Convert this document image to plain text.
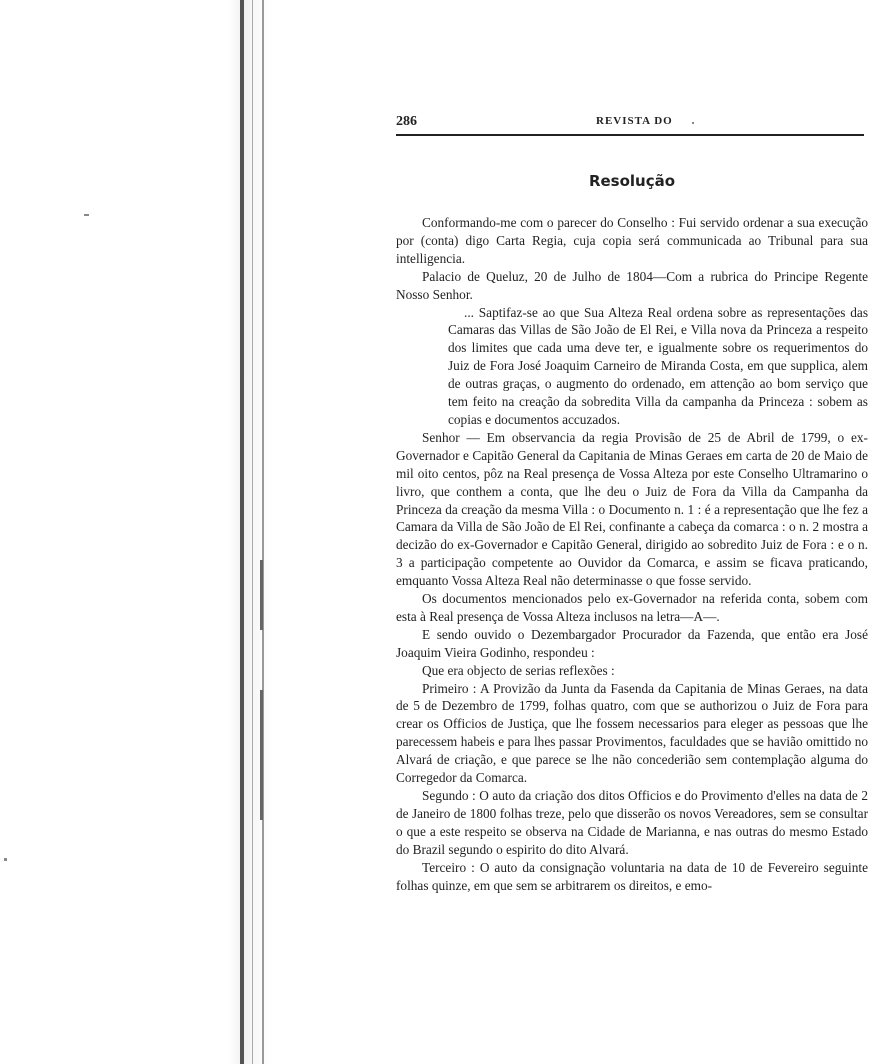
286	REVISTA DO
Resolução

Conformando-me com o parecer do Conselho : Fui servido ordenar a sua execução por (conta) digo Carta Regia, cuja copia será communicada ao Tribunal para sua intelligencia.

Palacio de Queluz, 20 de Julho de 1804—Com a rubrica do Principe Regente Nosso Senhor.

... Saptifaz-se ao que Sua Alteza Real ordena sobre as representações das Camaras das Villas de São João de El Rei, e Villa nova da Princeza a respeito dos limites que cada uma deve ter, e igualmente sobre os requerimentos do Juiz de Fora José Joaquim Carneiro de Miranda Costa, em que supplica, alem de outras graças, o augmento do ordenado, em attenção ao bom serviço que tem feito na creação da sobredita Villa da campanha da Princeza : sobem as copias e documentos accuzados.

Senhor — Em observancia da regia Provisão de 25 de Abril de 1799, o ex-Governador e Capitão General da Capitania de Minas Geraes em carta de 20 de Maio de mil oito centos, pôz na Real presença de Vossa Alteza por este Conselho Ultramarino o livro, que conthem a conta, que lhe deu o Juiz de Fora da Villa da Campanha da Princeza da creação da mesma Villa : o Documento n. 1 : é a representação que lhe fez a Camara da Villa de São João de El Rei, confinante a cabeça da comarca : o n. 2 mostra a decizão do ex-Governador e Capitão General, dirigido ao sobredito Juiz de Fora : e o n. 3 a participação competente ao Ouvidor da Comarca, e assim se ficava praticando, emquanto Vossa Alteza Real não determinasse o que fosse servido.

Os documentos mencionados pelo ex-Governador na referida conta, sobem com esta à Real presença de Vossa Alteza inclusos na letra—A—.

E sendo ouvido o Dezembargador Procurador da Fazenda, que então era José Joaquim Vieira Godinho, respondeu :

Que era objecto de serias reflexões :

Primeiro : A Provizão da Junta da Fasenda da Capitania de Minas Geraes, na data de 5 de Dezembro de 1799, folhas quatro, com que se authorizou o Juiz de Fora para crear os Officios de Justiça, que lhe fossem necessarios para eleger as pessoas que lhe parecessem habeis e para lhes passar Provimentos, faculdades que se havião omittido no Alvará de criação, e que parece se lhe não concederião sem contemplação alguma do Corregedor da Comarca.

Segundo : O auto da criação dos ditos Officios e do Provimento d'elles na data de 2 de Janeiro de 1800 folhas treze, pelo que disserão os novos Vereadores, sem se consultar o que a este respeito se observa na Cidade de Marianna, e nas outras do mesmo Estado do Brazil segundo o espirito do dito Alvará.

Terceiro : O auto da consignação voluntaria na data de 10 de Fevereiro seguinte folhas quinze, em que sem se arbitrarem os direitos, e emo-
